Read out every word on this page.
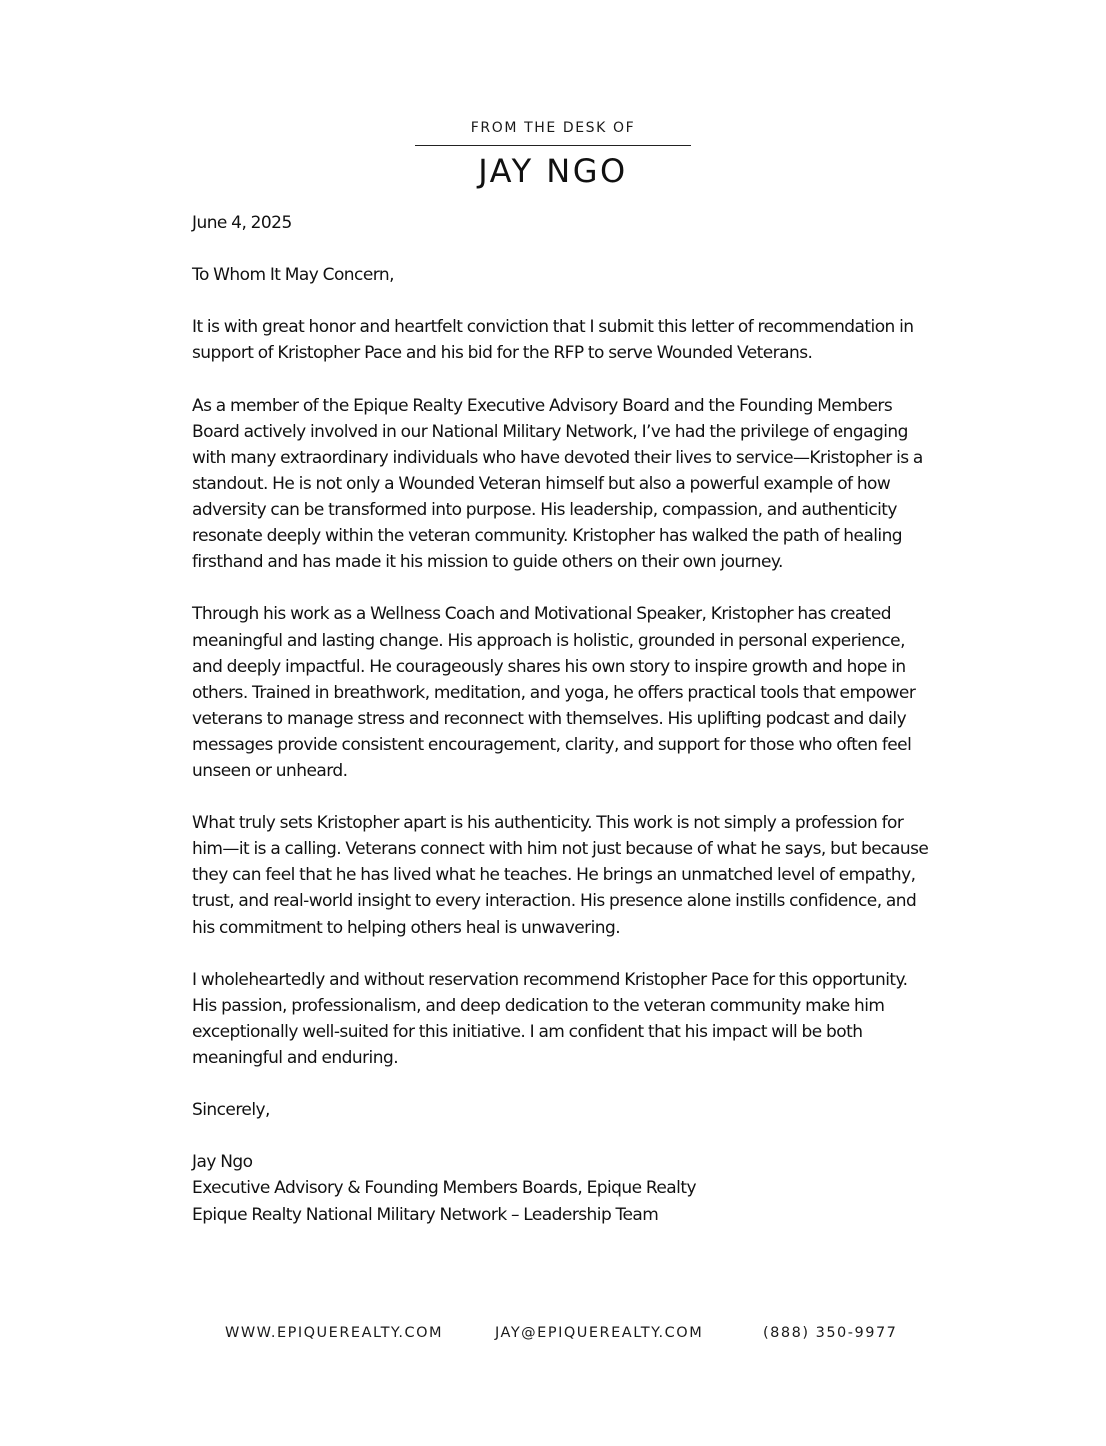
FROM THE DESK OF
JAY NGO

June 4, 2025

To Whom It May Concern,

It is with great honor and heartfelt conviction that I submit this letter of recommendation in support of Kristopher Pace and his bid for the RFP to serve Wounded Veterans.

As a member of the Epique Realty Executive Advisory Board and the Founding Members Board actively involved in our National Military Network, I’ve had the privilege of engaging with many extraordinary individuals who have devoted their lives to service—Kristopher is a standout. He is not only a Wounded Veteran himself but also a powerful example of how adversity can be transformed into purpose. His leadership, compassion, and authenticity resonate deeply within the veteran community. Kristopher has walked the path of healing firsthand and has made it his mission to guide others on their own journey.

Through his work as a Wellness Coach and Motivational Speaker, Kristopher has created meaningful and lasting change. His approach is holistic, grounded in personal experience, and deeply impactful. He courageously shares his own story to inspire growth and hope in others. Trained in breathwork, meditation, and yoga, he offers practical tools that empower veterans to manage stress and reconnect with themselves. His uplifting podcast and daily messages provide consistent encouragement, clarity, and support for those who often feel unseen or unheard.

What truly sets Kristopher apart is his authenticity. This work is not simply a profession for him—it is a calling. Veterans connect with him not just because of what he says, but because they can feel that he has lived what he teaches. He brings an unmatched level of empathy, trust, and real-world insight to every interaction. His presence alone instills confidence, and his commitment to helping others heal is unwavering.

I wholeheartedly and without reservation recommend Kristopher Pace for this opportunity. His passion, professionalism, and deep dedication to the veteran community make him exceptionally well-suited for this initiative. I am confident that his impact will be both meaningful and enduring.

Sincerely,

Jay Ngo
Executive Advisory & Founding Members Boards, Epique Realty
Epique Realty National Military Network – Leadership Team
WWW.EPIQUEREALTY.COM	JAY@EPIQUEREALTY.COM	(888) 350-9977
